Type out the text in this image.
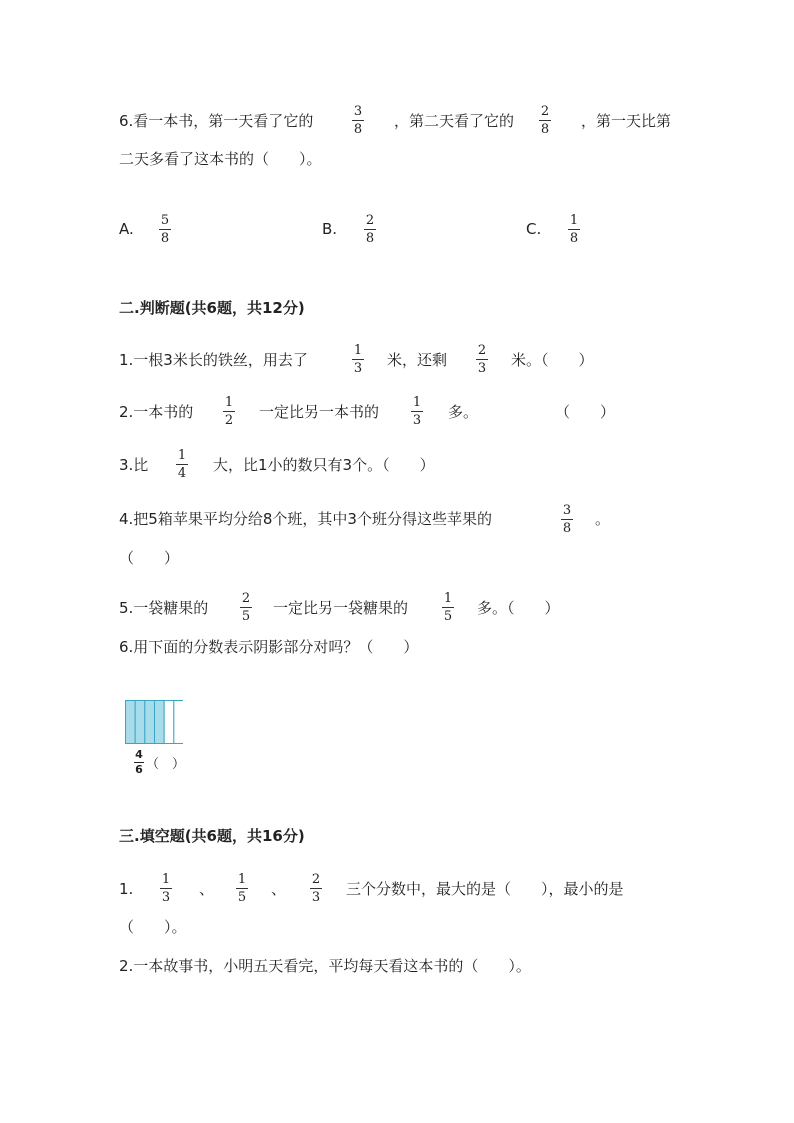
6.看一本书，第一天看了它的
3
8 ，第二天看了它的
2
8 ，第一天比第
二天多看了这本书的（　　）。
A. 5
8
B. 2
8
C. 1
8
二.判断题(共6题，共12分)
1.一根3米长的铁丝，用去了
1
3 米，还剩
2
3 米。（　　）
2.一本书的
1
2 一定比另一本书的
1
3 多。	（　　）
3.比
1
4 大，比1小的数只有3个。（　　）
4.把5箱苹果平均分给8个班，其中3个班分得这些苹果的	3
8
。
（　　）
5.一袋糖果的
2
5 一定比另一袋糖果的
1
5 多。（　　）
6.用下面的分数表示阴影部分对吗？（　　）
4
6 （　）
三.填空题(共6题，共16分)
1.
1
3 、
1
5 、
2
3 三个分数中，最大的是（　　），最小的是
（　　）。
2.一本故事书，小明五天看完，平均每天看这本书的（　　）。
